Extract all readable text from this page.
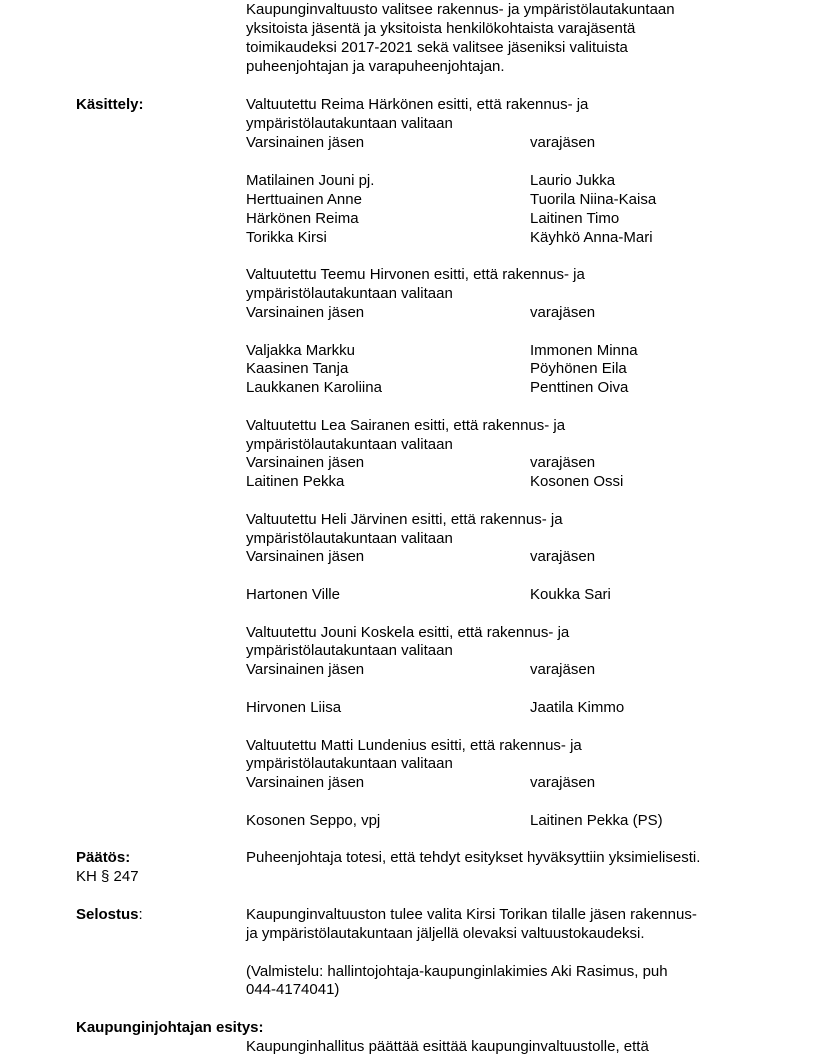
Kaupunginvaltuusto valitsee rakennus- ja ympäristölautakuntaan
yksitoista jäsentä ja yksitoista henkilökohtaista varajäsentä
toimikaudeksi 2017-2021 sekä valitsee jäseniksi valituista
puheenjohtajan ja varapuheenjohtajan.
Käsittely:	Valtuutettu Reima Härkönen esitti, että rakennus- ja
ympäristölautakuntaan valitaan
Varsinainen jäsen	varajäsen
Matilainen Jouni pj.	Laurio Jukka
Herttuainen Anne	Tuorila Niina-Kaisa
Härkönen Reima	Laitinen Timo
Torikka Kirsi	Käyhkö Anna-Mari
Valtuutettu Teemu Hirvonen esitti, että rakennus- ja
ympäristölautakuntaan valitaan
Varsinainen jäsen	varajäsen
Valjakka Markku	Immonen Minna
Kaasinen Tanja	Pöyhönen Eila
Laukkanen Karoliina	Penttinen Oiva
Valtuutettu Lea Sairanen esitti, että rakennus- ja
ympäristölautakuntaan valitaan
Varsinainen jäsen	varajäsen
Laitinen Pekka	Kosonen Ossi
Valtuutettu Heli Järvinen esitti, että rakennus- ja
ympäristölautakuntaan valitaan
Varsinainen jäsen	varajäsen
Hartonen Ville	Koukka Sari
Valtuutettu Jouni Koskela esitti, että rakennus- ja
ympäristölautakuntaan valitaan
Varsinainen jäsen	varajäsen
Hirvonen Liisa	Jaatila Kimmo
Valtuutettu Matti Lundenius esitti, että rakennus- ja
ympäristölautakuntaan valitaan
Varsinainen jäsen	varajäsen
Kosonen Seppo, vpj	Laitinen Pekka (PS)
Päätös:
KH § 247
Puheenjohtaja totesi, että tehdyt esitykset hyväksyttiin yksimielisesti.
Selostus:	Kaupunginvaltuuston tulee valita Kirsi Torikan tilalle jäsen rakennus-
ja ympäristölautakuntaan jäljellä olevaksi valtuustokaudeksi.
(Valmistelu: hallintojohtaja-kaupunginlakimies Aki Rasimus, puh
044-4174041)
Kaupunginjohtajan esitys:
Kaupunginhallitus päättää esittää kaupunginvaltuustolle, että
